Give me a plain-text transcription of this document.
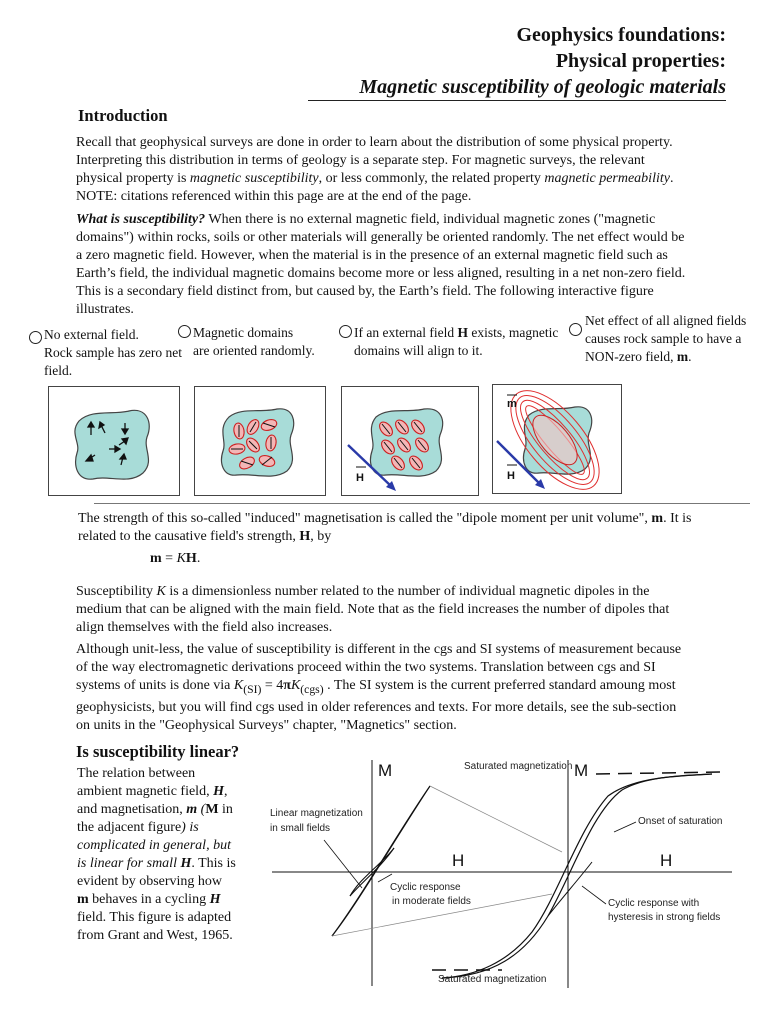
Geophysics foundations:
Physical properties:
Magnetic susceptibility of geologic materials
Introduction

Recall that geophysical surveys are done in order to learn about the distribution of some physical property. Interpreting this distribution in terms of geology is a separate step. For magnetic surveys, the relevant physical property is magnetic susceptibility, or less commonly, the related property magnetic permeability. NOTE: citations referenced within this page are at the end of the page.

What is susceptibility? When there is no external magnetic field, individual magnetic zones ("magnetic domains") within rocks, soils or other materials will generally be oriented randomly. The net effect would be a zero magnetic field. However, when the material is in the presence of an external magnetic field such as Earth’s field, the individual magnetic domains become more or less aligned, resulting in a net non-zero field. This is a secondary field distinct from, but caused by, the Earth’s field. The following interactive figure illustrates.

No external field.
Rock sample has zero net field.
Magnetic domains
are oriented randomly.
If an external field H exists, magnetic domains will align to it.
Net effect of all aligned fields causes rock sample to have a NON-zero field, m.
H	H
m

The strength of this so-called "induced" magnetisation is called the "dipole moment per unit volume", m. It is related to the causative field's strength, H, by

m = KH.

Susceptibility K is a dimensionless number related to the number of individual magnetic dipoles in the medium that can be aligned with the main field. Note that as the field increases the number of dipoles that align themselves with the field also increases.

Although unit-less, the value of susceptibility is different in the cgs and SI systems of measurement because of the way electromagnetic derivations proceed within the two systems. Translation between cgs and SI systems of units is done via $K_{(SI)} = 4\pi K_{(cgs)}$ . The SI system is the current preferred standard amoung most geophysicists, but you will find cgs used in older references and texts. For more details, see the sub-section on units in the "Geophysical Surveys" chapter, "Magnetics" section.

Is susceptibility linear?
The relation between ambient magnetic field, H, and magnetisation, m (M in the adjacent figure) is complicated in general, but is linear for small H. This is evident by observing how m behaves in a cycling H field. This figure is adapted from Grant and West, 1965.
M
H
M
H
Saturated magnetization
Saturated magnetization
Linear magnetization
in small fields
Cyclic response
in moderate fields
Onset of saturation
Cyclic response with
hysteresis in strong fields
